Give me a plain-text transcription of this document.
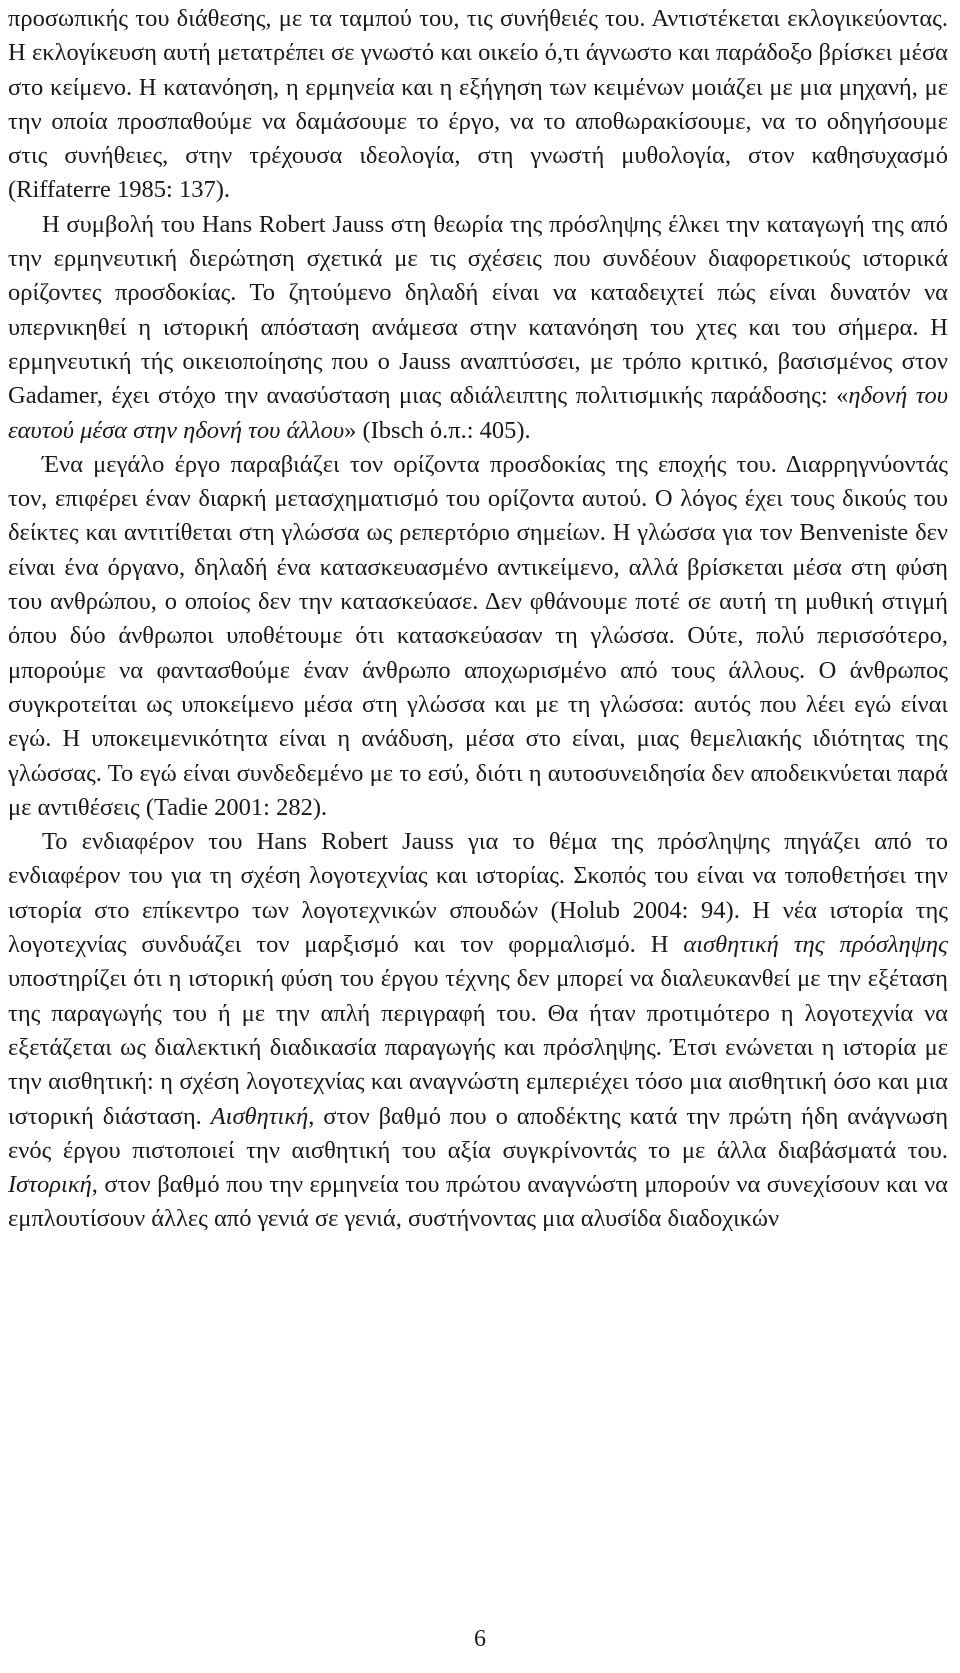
προσωπικής του διάθεσης, με τα ταμπού του, τις συνήθειές του. Αντιστέκεται εκλογικεύοντας. Η εκλογίκευση αυτή μετατρέπει σε γνωστό και οικείο ό,τι άγνωστο και παράδοξο βρίσκει μέσα στο κείμενο. Η κατανόηση, η ερμηνεία και η εξήγηση των κειμένων μοιάζει με μια μηχανή, με την οποία προσπαθούμε να δαμάσουμε το έργο, να το αποθωρακίσουμε, να το οδηγήσουμε στις συνήθειες, στην τρέχουσα ιδεολογία, στη γνωστή μυθολογία, στον καθησυχασμό (Riffaterre 1985: 137).

Η συμβολή του Hans Robert Jauss στη θεωρία της πρόσληψης έλκει την καταγωγή της από την ερμηνευτική διερώτηση σχετικά με τις σχέσεις που συνδέουν διαφορετικούς ιστορικά ορίζοντες προσδοκίας. Το ζητούμενο δηλαδή είναι να καταδειχτεί πώς είναι δυνατόν να υπερνικηθεί η ιστορική απόσταση ανάμεσα στην κατανόηση του χτες και του σήμερα. Η ερμηνευτική τής οικειοποίησης που ο Jauss αναπτύσσει, με τρόπο κριτικό, βασισμένος στον Gadamer, έχει στόχο την ανασύσταση μιας αδιάλειπτης πολιτισμικής παράδοσης: «ηδονή του εαυτού μέσα στην ηδονή του άλλου» (Ibsch ό.π.: 405).

Ένα μεγάλο έργο παραβιάζει τον ορίζοντα προσδοκίας της εποχής του. Διαρρηγνύοντάς τον, επιφέρει έναν διαρκή μετασχηματισμό του ορίζοντα αυτού. Ο λόγος έχει τους δικούς του δείκτες και αντιτίθεται στη γλώσσα ως ρεπερτόριο σημείων. Η γλώσσα για τον Benveniste δεν είναι ένα όργανο, δηλαδή ένα κατασκευασμένο αντικείμενο, αλλά βρίσκεται μέσα στη φύση του ανθρώπου, ο οποίος δεν την κατασκεύασε. Δεν φθάνουμε ποτέ σε αυτή τη μυθική στιγμή όπου δύο άνθρωποι υποθέτουμε ότι κατασκεύασαν τη γλώσσα. Ούτε, πολύ περισσότερο, μπορούμε να φαντασθούμε έναν άνθρωπο αποχωρισμένο από τους άλλους. Ο άνθρωπος συγκροτείται ως υποκείμενο μέσα στη γλώσσα και με τη γλώσσα: αυτός που λέει εγώ είναι εγώ. Η υποκειμενικότητα είναι η ανάδυση, μέσα στο είναι, μιας θεμελιακής ιδιότητας της γλώσσας. Το εγώ είναι συνδεδεμένο με το εσύ, διότι η αυτοσυνειδησία δεν αποδεικνύεται παρά με αντιθέσεις (Tadie 2001: 282).

Το ενδιαφέρον του Hans Robert Jauss για το θέμα της πρόσληψης πηγάζει από το ενδιαφέρον του για τη σχέση λογοτεχνίας και ιστορίας. Σκοπός του είναι να τοποθετήσει την ιστορία στο επίκεντρο των λογοτεχνικών σπουδών (Holub 2004: 94). Η νέα ιστορία της λογοτεχνίας συνδυάζει τον μαρξισμό και τον φορμαλισμό. Η αισθητική της πρόσληψης υποστηρίζει ότι η ιστορική φύση του έργου τέχνης δεν μπορεί να διαλευκανθεί με την εξέταση της παραγωγής του ή με την απλή περιγραφή του. Θα ήταν προτιμότερο η λογοτεχνία να εξετάζεται ως διαλεκτική διαδικασία παραγωγής και πρόσληψης. Έτσι ενώνεται η ιστορία με την αισθητική: η σχέση λογοτεχνίας και αναγνώστη εμπεριέχει τόσο μια αισθητική όσο και μια ιστορική διάσταση. Αισθητική, στον βαθμό που ο αποδέκτης κατά την πρώτη ήδη ανάγνωση ενός έργου πιστοποιεί την αισθητική του αξία συγκρίνοντάς το με άλλα διαβάσματά του. Ιστορική, στον βαθμό που την ερμηνεία του πρώτου αναγνώστη μπορούν να συνεχίσουν και να εμπλουτίσουν άλλες από γενιά σε γενιά, συστήνοντας μια αλυσίδα διαδοχικών

6
